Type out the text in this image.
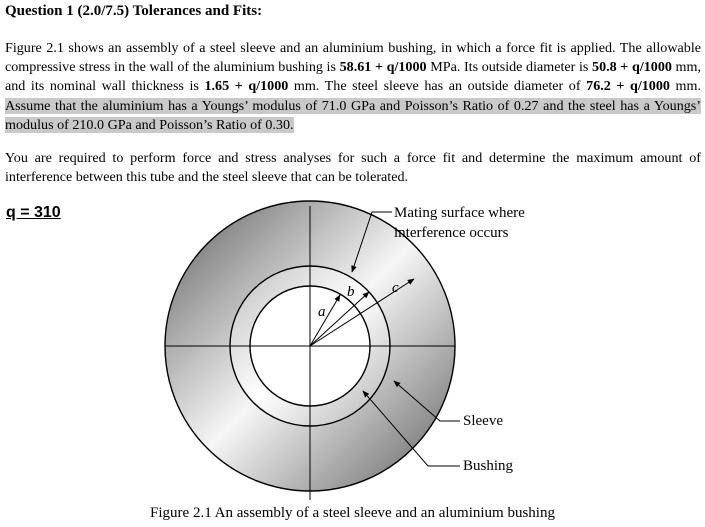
Question 1 (2.0/7.5) Tolerances and Fits:

Figure 2.1 shows an assembly of a steel sleeve and an aluminium bushing, in which a force fit is applied. The allowable compressive stress in the wall of the aluminium bushing is 58.61 + q/1000 MPa. Its outside diameter is 50.8 + q/1000 mm, and its nominal wall thickness is 1.65 + q/1000 mm. The steel sleeve has an outside diameter of 76.2 + q/1000 mm. Assume that the aluminium has a Youngs’ modulus of 71.0 GPa and Poisson’s Ratio of 0.27 and the steel has a Youngs’ modulus of 210.0 GPa and Poisson’s Ratio of 0.30.

You are required to perform force and stress analyses for such a force fit and determine the maximum amount of interference between this tube and the steel sleeve that can be tolerated.

q = 310
a
b	c
Mating surface where
interference occurs
Sleeve
Bushing
Figure 2.1 An assembly of a steel sleeve and an aluminium bushing
